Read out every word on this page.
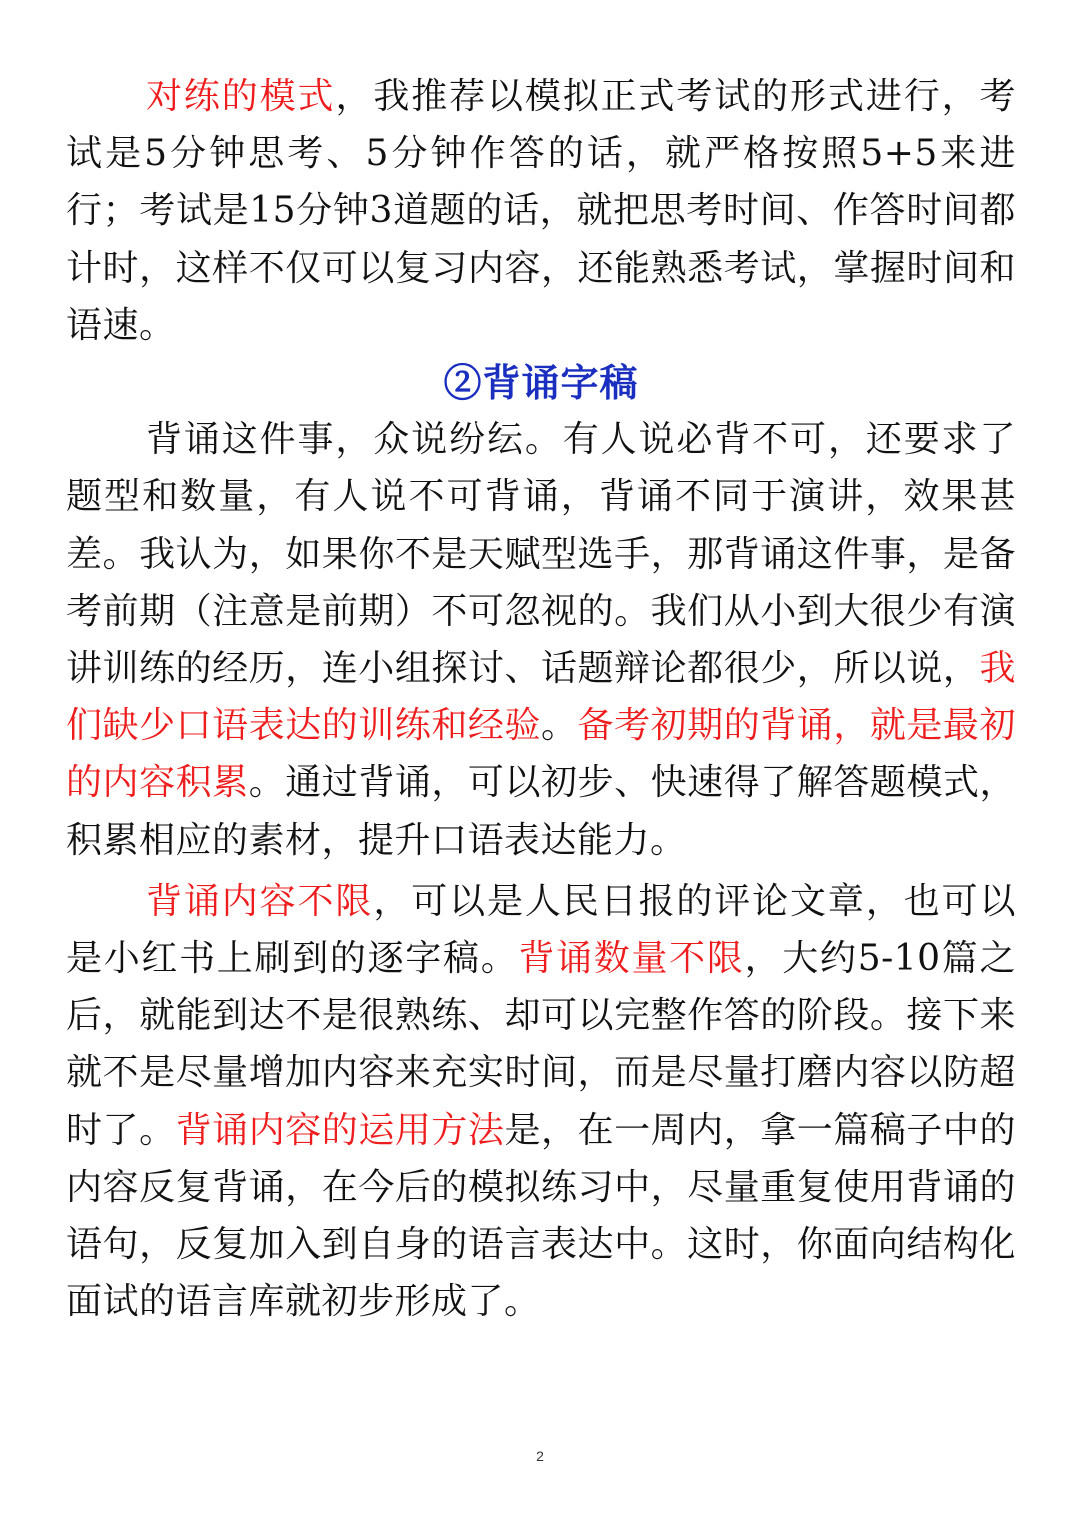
对练的模式，我推荐以模拟正式考试的形式进行，考试是5分钟思考、5分钟作答的话，就严格按照5+5来进行；考试是15分钟3道题的话，就把思考时间、作答时间都计时，这样不仅可以复习内容，还能熟悉考试，掌握时间和语速。

②背诵字稿

背诵这件事，众说纷纭。有人说必背不可，还要求了题型和数量，有人说不可背诵，背诵不同于演讲，效果甚差。我认为，如果你不是天赋型选手，那背诵这件事，是备考前期（注意是前期）不可忽视的。我们从小到大很少有演讲训练的经历，连小组探讨、话题辩论都很少，所以说，我们缺少口语表达的训练和经验。备考初期的背诵，就是最初的内容积累。通过背诵，可以初步、快速得了解答题模式，积累相应的素材，提升口语表达能力。

背诵内容不限，可以是人民日报的评论文章，也可以是小红书上刷到的逐字稿。背诵数量不限，大约5-10篇之后，就能到达不是很熟练、却可以完整作答的阶段。接下来就不是尽量增加内容来充实时间，而是尽量打磨内容以防超时了。背诵内容的运用方法是，在一周内，拿一篇稿子中的内容反复背诵，在今后的模拟练习中，尽量重复使用背诵的语句，反复加入到自身的语言表达中。这时，你面向结构化面试的语言库就初步形成了。

2
